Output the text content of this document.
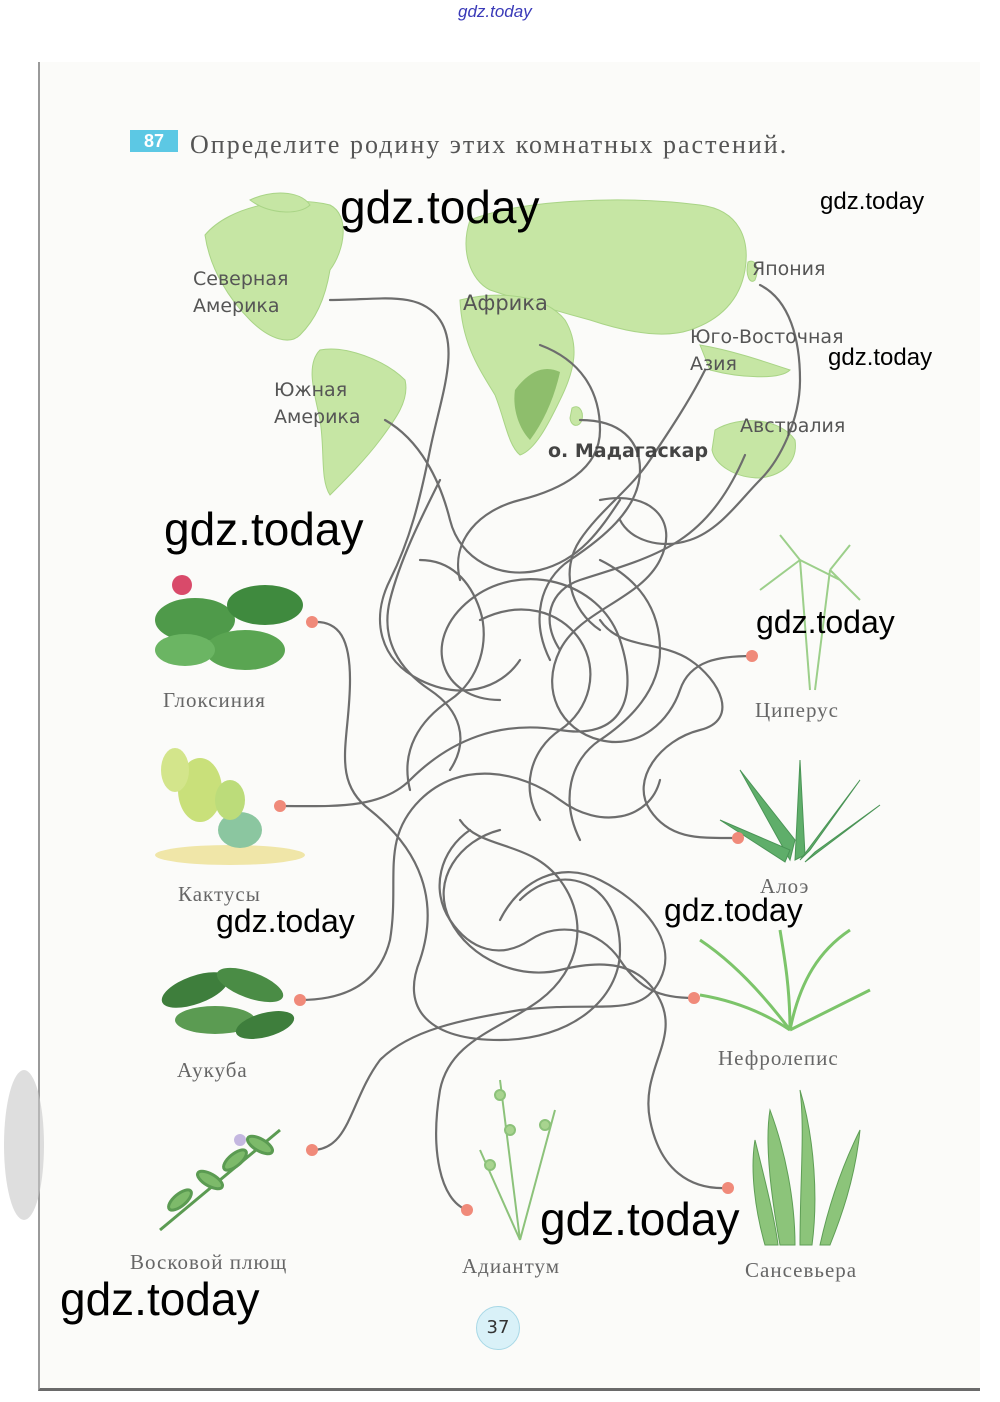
87 Определите родину этих комнатных растений.
Северная
Америка
Южная
Америка
Африка
о. Мадагаскар
Япония
Юго-Восточная
Азия
Австралия
Глоксиния
Кактусы
Аукуба
Восковой плющ	Адиантум
Циперус
Алоэ
Нефролепис
Сансевьера
37
gdz.today
gdz.today	gdz.today
gdz.today
gdz.today
gdz.today
gdz.today	gdz.today
gdz.today
gdz.today
